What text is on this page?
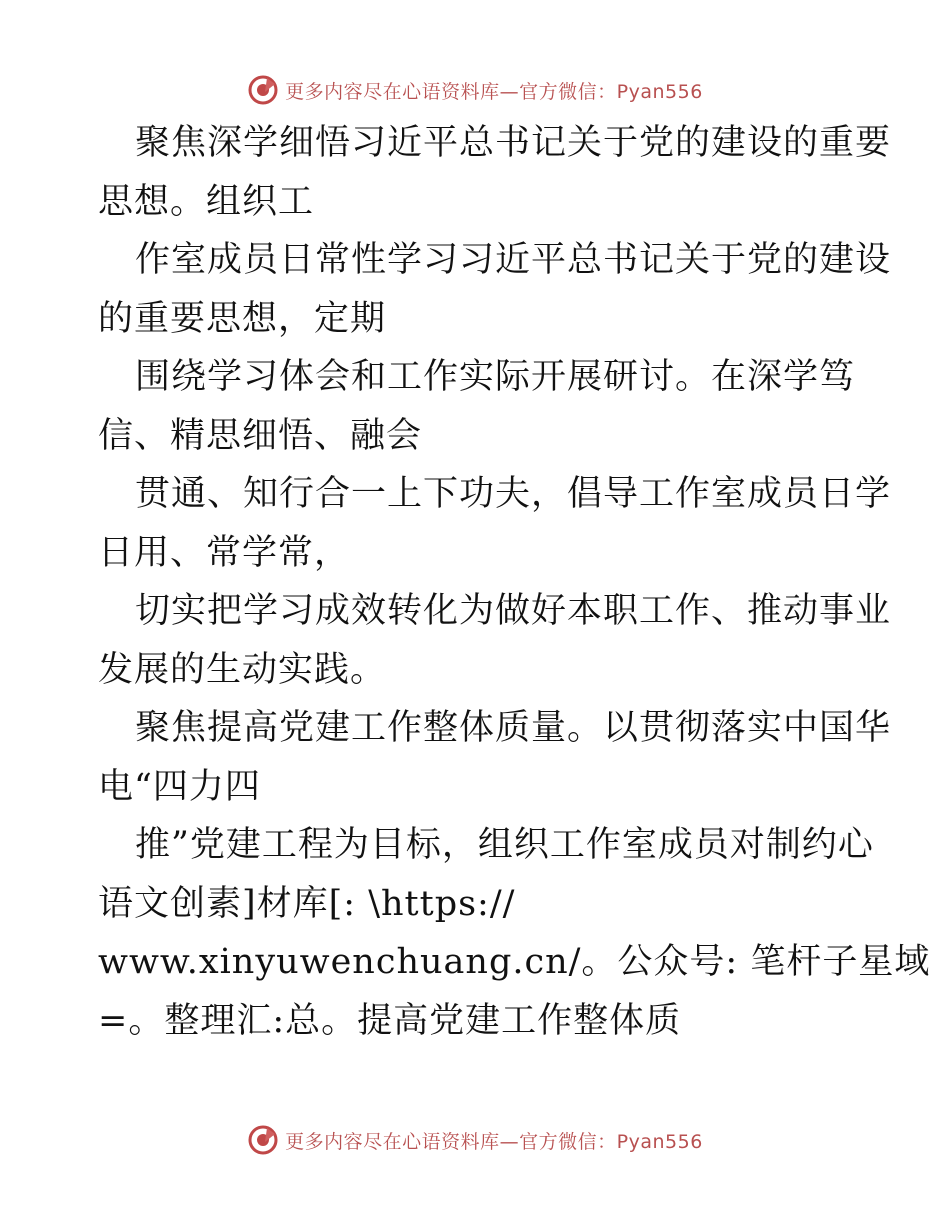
更多内容尽在心语资料库—官方微信：Pyan556
聚焦深学细悟习近平总书记关于党的建设的重要
思想。组织工
作室成员日常性学习习近平总书记关于党的建设
的重要思想，定期
围绕学习体会和工作实际开展研讨。在深学笃
信、精思细悟、融会
贯通、知行合一上下功夫，倡导工作室成员日学
日用、常学常，
切实把学习成效转化为做好本职工作、推动事业
发展的生动实践。
聚焦提高党建工作整体质量。以贯彻落实中国华
电“四力四
推”党建工程为目标，组织工作室成员对制约心
语文创素]材库[: \https://
www.xinyuwenchuang.cn/。公众号: 笔杆子星域
=。整理汇:总。提高党建工作整体质
更多内容尽在心语资料库—官方微信：Pyan556
